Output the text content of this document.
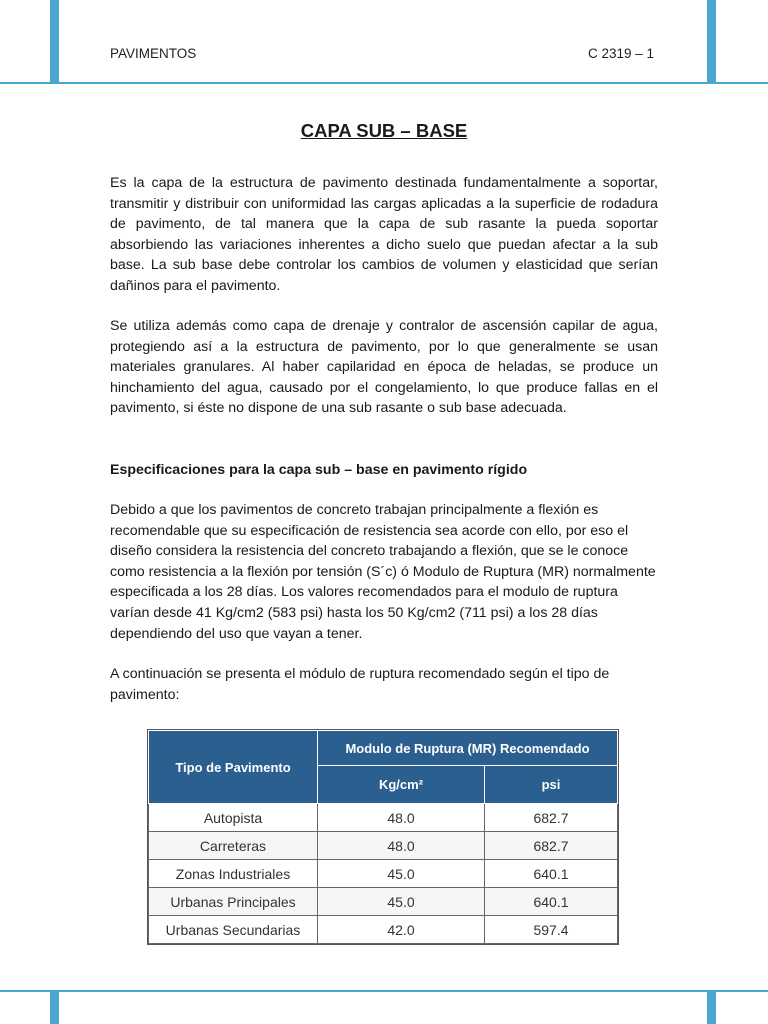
PAVIMENTOS	C 2319 – 1
CAPA SUB – BASE
Es la capa de la estructura de pavimento destinada fundamentalmente a soportar, transmitir y distribuir con uniformidad las cargas aplicadas a la superficie de rodadura de pavimento, de tal manera que la capa de sub rasante la pueda soportar absorbiendo las variaciones inherentes a dicho suelo que puedan afectar a la sub base. La sub base debe controlar los cambios de volumen y elasticidad que serían dañinos para el pavimento.
Se utiliza además como capa de drenaje y contralor de ascensión capilar de agua, protegiendo así a la estructura de pavimento, por lo que generalmente se usan materiales granulares. Al haber capilaridad en época de heladas, se produce un hinchamiento del agua, causado por el congelamiento, lo que produce fallas en el pavimento, si éste no dispone de una sub rasante o sub base adecuada.
Especificaciones para la capa sub – base en pavimento rígido
Debido a que los pavimentos de concreto trabajan principalmente a flexión es recomendable que su especificación de resistencia sea acorde con ello, por eso el diseño considera la resistencia del concreto trabajando a flexión, que se le conoce como resistencia a la flexión por tensión (S´c) ó Modulo de Ruptura (MR) normalmente especificada a los 28 días. Los valores recomendados para el modulo de ruptura varían desde 41 Kg/cm2 (583 psi) hasta los 50 Kg/cm2 (711 psi) a los 28 días dependiendo del uso que vayan a tener.
A continuación se presenta el módulo de ruptura recomendado según el tipo de pavimento:
Tipo de Pavimento	Modulo de Ruptura (MR) Recomendado	
	Kg/cm²	psi
Autopista	48.0	682.7
Carreteras	48.0	682.7
Zonas Industriales	45.0	640.1
Urbanas Principales	45.0	640.1
Urbanas Secundarias	42.0	597.4
